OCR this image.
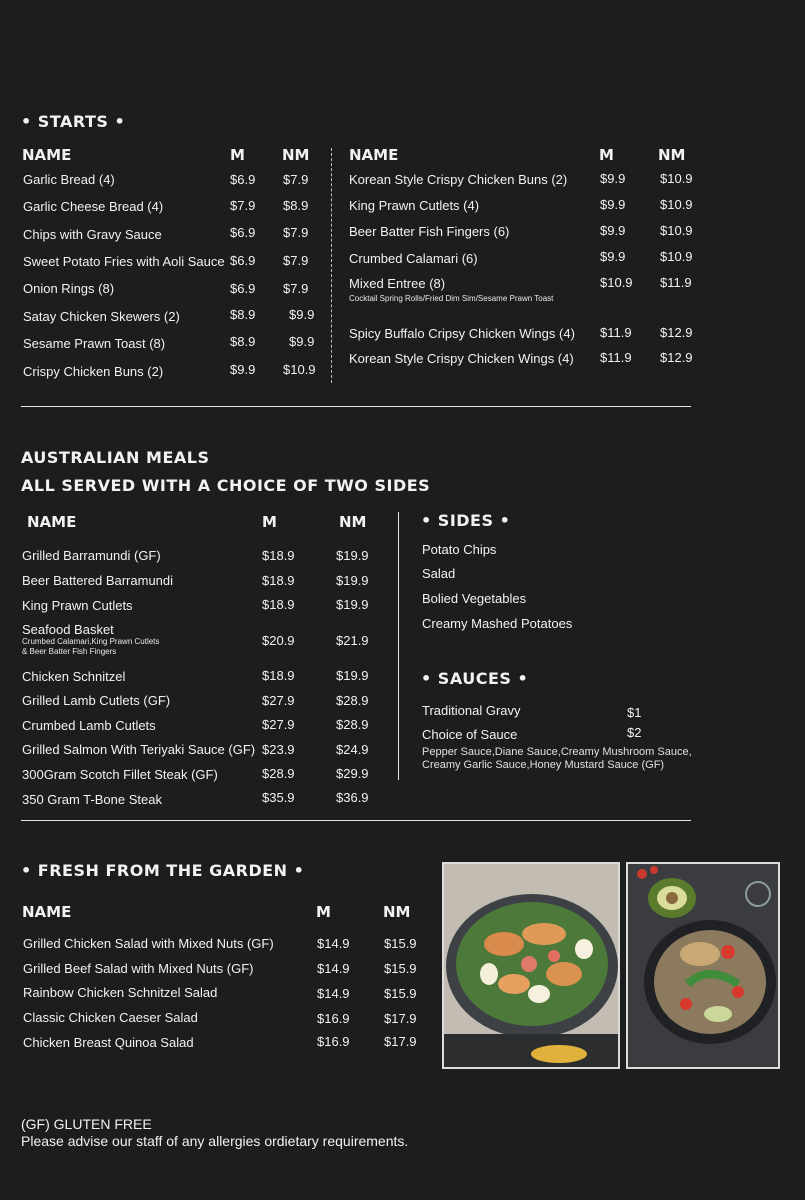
• STARTS •
NAME	M NM	NAME	M	NM
Garlic Bread (4)	$6.9 $7.9
Garlic Cheese Bread (4)	$7.9 $8.9
Chips with Gravy Sauce	$6.9 $7.9
Sweet Potato Fries with Aoli Sauce $6.9 $7.9
Onion Rings (8)	$6.9 $7.9
Satay Chicken Skewers (2)	$8.9	$9.9
Sesame Prawn Toast (8)	$8.9	$9.9
Crispy Chicken Buns (2)	$9.9 $10.9
Korean Style Crispy Chicken Buns (2)	$9.9	$10.9
King Prawn Cutlets (4)	$9.9	$10.9
Beer Batter Fish Fingers (6)	$9.9	$10.9
Crumbed Calamari (6)	$9.9	$10.9
Mixed Entree (8)
Cocktail Spring Rolls/Fried Dim Sim/Sesame Prawn Toast
$10.9 $11.9
Spicy Buffalo Cripsy Chicken Wings (4) $11.9 $12.9
Korean Style Crispy Chicken Wings (4) $11.9 $12.9
AUSTRALIAN MEALS
ALL SERVED WITH A CHOICE OF TWO SIDES
NAME	M	NM
Grilled Barramundi (GF)	$18.9	$19.9
Beer Battered Barramundi	$18.9	$19.9
King Prawn Cutlets	$18.9	$19.9
Seafood Basket
Crumbed Calamari,King Prawn Cutlets
& Beer Batter Fish Fingers
$20.9	$21.9
Chicken Schnitzel	$18.9	$19.9
Grilled Lamb Cutlets (GF)	$27.9	$28.9
Crumbed Lamb Cutlets	$27.9	$28.9
Grilled Salmon With Teriyaki Sauce (GF) $23.9	$24.9
300Gram Scotch Fillet Steak (GF)	$28.9	$29.9
350 Gram T-Bone Steak	$35.9	$36.9
• SIDES •
Potato Chips
Salad
Bolied Vegetables
Creamy Mashed Potatoes
• SAUCES •
Traditional Gravy	$1
Choice of Sauce	$2
Pepper Sauce,Diane Sauce,Creamy Mushroom Sauce,
Creamy Garlic Sauce,Honey Mustard Sauce (GF)
• FRESH FROM THE GARDEN •
NAME	M	NM
Grilled Chicken Salad with Mixed Nuts (GF)	$14.9	$15.9
Grilled Beef Salad with Mixed Nuts (GF)	$14.9	$15.9
Rainbow Chicken Schnitzel Salad	$14.9	$15.9
Classic Chicken Caeser Salad	$16.9	$17.9
Chicken Breast Quinoa Salad	$16.9	$17.9
(GF) GLUTEN FREE
Please advise our staff of any allergies ordietary requirements.
